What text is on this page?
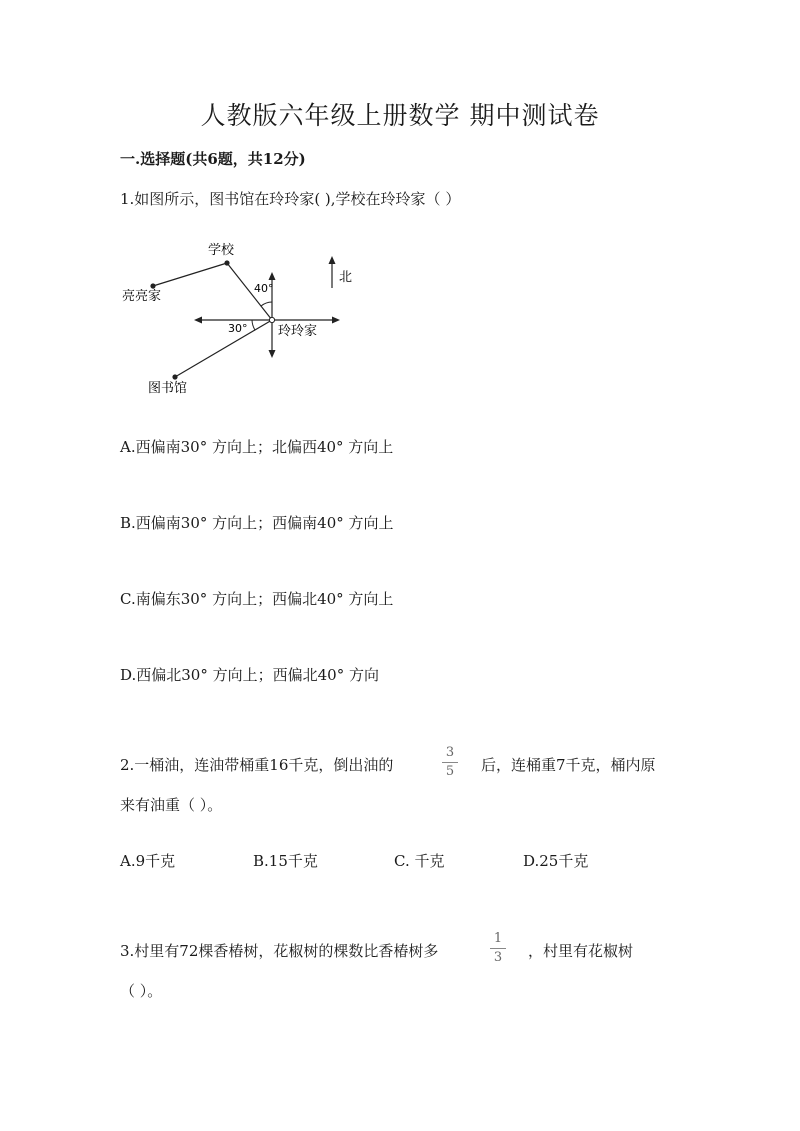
人教版六年级上册数学 期中测试卷
一.选择题(共6题，共12分)
1.如图所示，图书馆在玲玲家( ),学校在玲玲家（ ）
学校
亮亮家
玲玲家
图书馆
40°
30°
北
A.西偏南30° 方向上；北偏西40° 方向上
B.西偏南30° 方向上；西偏南40° 方向上
C.南偏东30° 方向上；西偏北40° 方向上
D.西偏北30° 方向上；西偏北40° 方向
2.一桶油，连油带桶重16千克，倒出油的
3
5	后，连桶重7千克，桶内原
来有油重（ ）。
A.9千克	B.15千克	C. 千克	D.25千克
3.村里有72棵香椿树，花椒树的棵数比香椿树多
1
3	，村里有花椒树
（ ）。
